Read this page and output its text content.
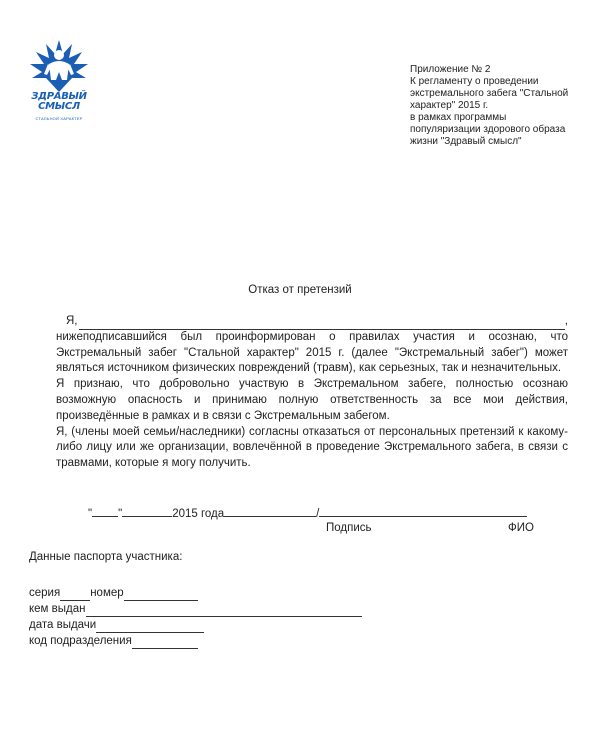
ЗДРАВЫЙ
СМЫСЛ
СТАЛЬНОЙ ХАРАКТЕР
Приложение № 2
К регламенту о проведении
экстремального забега "Стальной
характер" 2015 г.
в рамках программы
популяризации здорового образа
жизни "Здравый смысл"
Отказ от претензий
Я,	,

нижеподписавшийся был проинформирован о правилах участия и осознаю, что Экстремальный забег "Стальной характер" 2015 г. (далее "Экстремальный забег") может являться источником физических повреждений (травм), как серьезных, так и незначительных.

Я признаю, что добровольно участвую в Экстремальном забеге, полностью осознаю возможную опасность и принимаю полную ответственность за все мои действия, произведённые в рамках и в связи с Экстремальным забегом.

Я, (члены моей семьи/наследники) согласны отказаться от персональных претензий к какому-либо лицу или же организации, вовлечённой в проведение Экстремального забега, в связи с травмами, которые я могу получить.

" "	2015 года	/
Подпись	ФИО
Данные паспорта участника:
серия	номер
кем выдан
дата выдачи
код подразделения
